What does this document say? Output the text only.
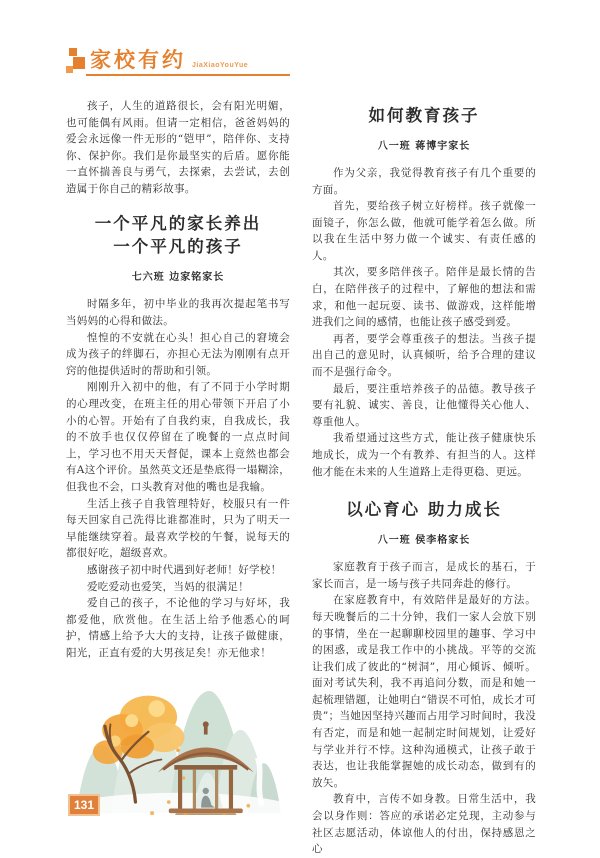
家校有约 JiaXiaoYouYue

孩子，人生的道路很长，会有阳光明媚，也可能偶有风雨。但请一定相信，爸爸妈妈的爱会永远像一件无形的“铠甲”，陪伴你、支持你、保护你。我们是你最坚实的后盾。愿你能一直怀揣善良与勇气，去探索，去尝试，去创造属于你自己的精彩故事。

一个平凡的家长养出
一个平凡的孩子
七六班 边家铭家长

时隔多年，初中毕业的我再次提起笔书写当妈妈的心得和做法。

惶惶的不安就在心头！担心自己的窘境会成为孩子的绊脚石，亦担心无法为刚刚有点开窍的他提供适时的帮助和引领。

刚刚升入初中的他，有了不同于小学时期的心理改变，在班主任的用心带领下开启了小小的心智。开始有了自我约束，自我成长，我的不放手也仅仅停留在了晚餐的一点点时间上，学习也不用天天督促，课本上竟然也都会有A这个评价。虽然英文还是垫底得一塌糊涂，但我也不会，口头教育对他的嘴也是我输。

生活上孩子自我管理特好，校服只有一件每天回家自己洗得比谁都准时，只为了明天一早能继续穿着。最喜欢学校的午餐，说每天的都很好吃，超级喜欢。

感谢孩子初中时代遇到好老师！好学校！

爱吃爱动也爱笑，当妈的很满足！

爱自己的孩子，不论他的学习与好坏，我都爱他，欣赏他。在生活上给予他悉心的呵护，情感上给予大大的支持，让孩子做健康，阳光，正直有爱的大男孩足矣！亦无他求！

如何教育孩子
八一班 蒋博宇家长

作为父亲，我觉得教育孩子有几个重要的方面。

首先，要给孩子树立好榜样。孩子就像一面镜子，你怎么做，他就可能学着怎么做。所以我在生活中努力做一个诚实、有责任感的人。

其次，要多陪伴孩子。陪伴是最长情的告白，在陪伴孩子的过程中，了解他的想法和需求，和他一起玩耍、读书、做游戏，这样能增进我们之间的感情，也能让孩子感受到爱。

再者，要学会尊重孩子的想法。当孩子提出自己的意见时，认真倾听，给予合理的建议而不是强行命令。

最后，要注重培养孩子的品德。教导孩子要有礼貌、诚实、善良，让他懂得关心他人、尊重他人。

我希望通过这些方式，能让孩子健康快乐地成长，成为一个有教养、有担当的人。这样他才能在未来的人生道路上走得更稳、更远。

以心育心 助力成长
八一班 侯李格家长

家庭教育于孩子而言，是成长的基石，于家长而言，是一场与孩子共同奔赴的修行。

在家庭教育中，有效陪伴是最好的方法。每天晚餐后的二十分钟，我们一家人会放下别的事情，坐在一起聊聊校园里的趣事、学习中的困惑，或是我工作中的小挑战。平等的交流让我们成了彼此的“树洞”，用心倾诉、倾听。面对考试失利，我不再追问分数，而是和她一起梳理错题，让她明白“错误不可怕，成长才可贵”；当她因坚持兴趣而占用学习时间时，我没有否定，而是和她一起制定时间规划，让爱好与学业并行不悖。这种沟通模式，让孩子敢于表达，也让我能掌握她的成长动态，做到有的放矢。

教育中，言传不如身教。日常生活中，我会以身作则：答应的承诺必定兑现，主动参与社区志愿活动，体谅他人的付出，保持感恩之心

131
